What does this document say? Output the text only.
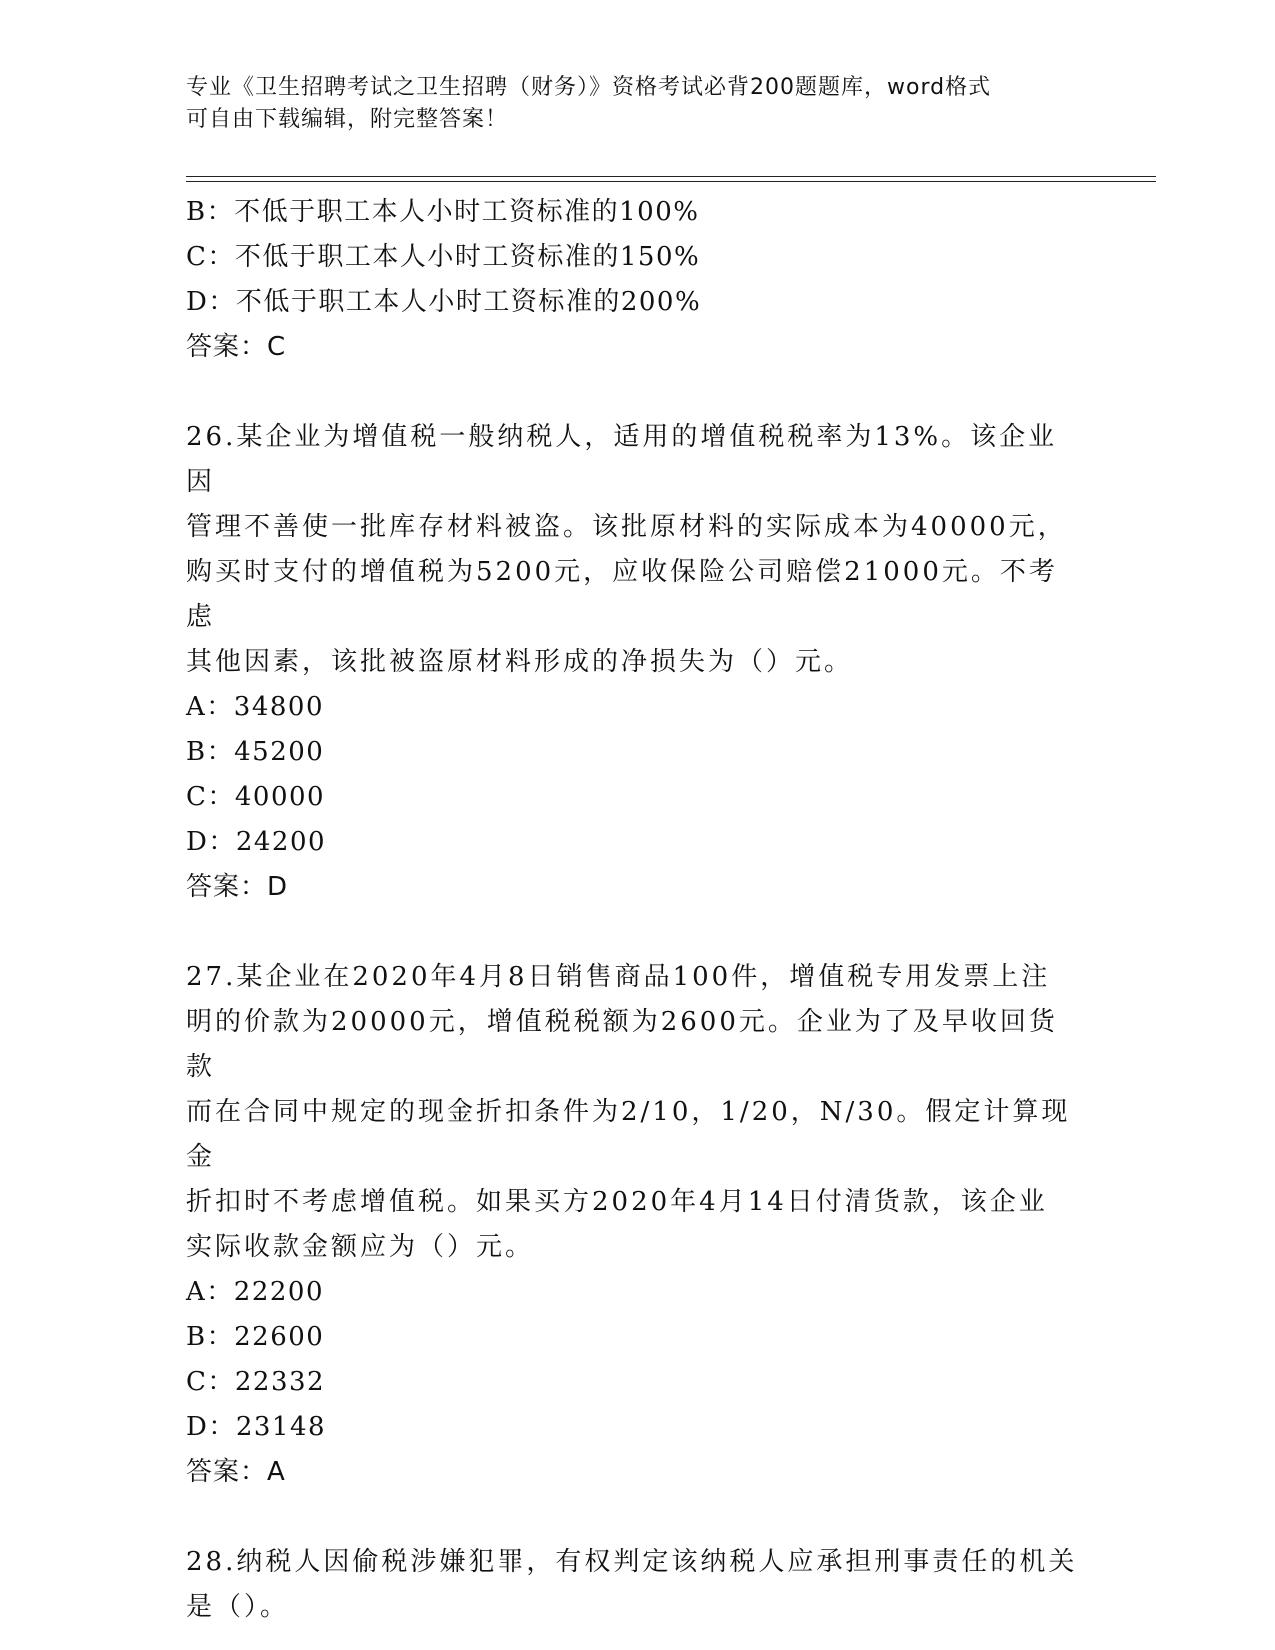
专业《卫生招聘考试之卫生招聘（财务）》资格考试必背200题题库，word格式

可自由下载编辑，附完整答案！

B：不低于职工本人小时工资标准的100%

C：不低于职工本人小时工资标准的150%

D：不低于职工本人小时工资标准的200%

答案：C

26.某企业为增值税一般纳税人，适用的增值税税率为13%。该企业因

管理不善使一批库存材料被盗。该批原材料的实际成本为40000元，

购买时支付的增值税为5200元，应收保险公司赔偿21000元。不考虑

其他因素，该批被盗原材料形成的净损失为（）元。

A：34800

B：45200

C：40000

D：24200

答案：D

27.某企业在2020年4月8日销售商品100件，增值税专用发票上注

明的价款为20000元，增值税税额为2600元。企业为了及早收回货款

而在合同中规定的现金折扣条件为2/10，1/20，N/30。假定计算现金

折扣时不考虑增值税。如果买方2020年4月14日付清货款，该企业

实际收款金额应为（）元。

A：22200

B：22600

C：22332

D：23148

答案：A

28.纳税人因偷税涉嫌犯罪，有权判定该纳税人应承担刑事责任的机关

是（）。
